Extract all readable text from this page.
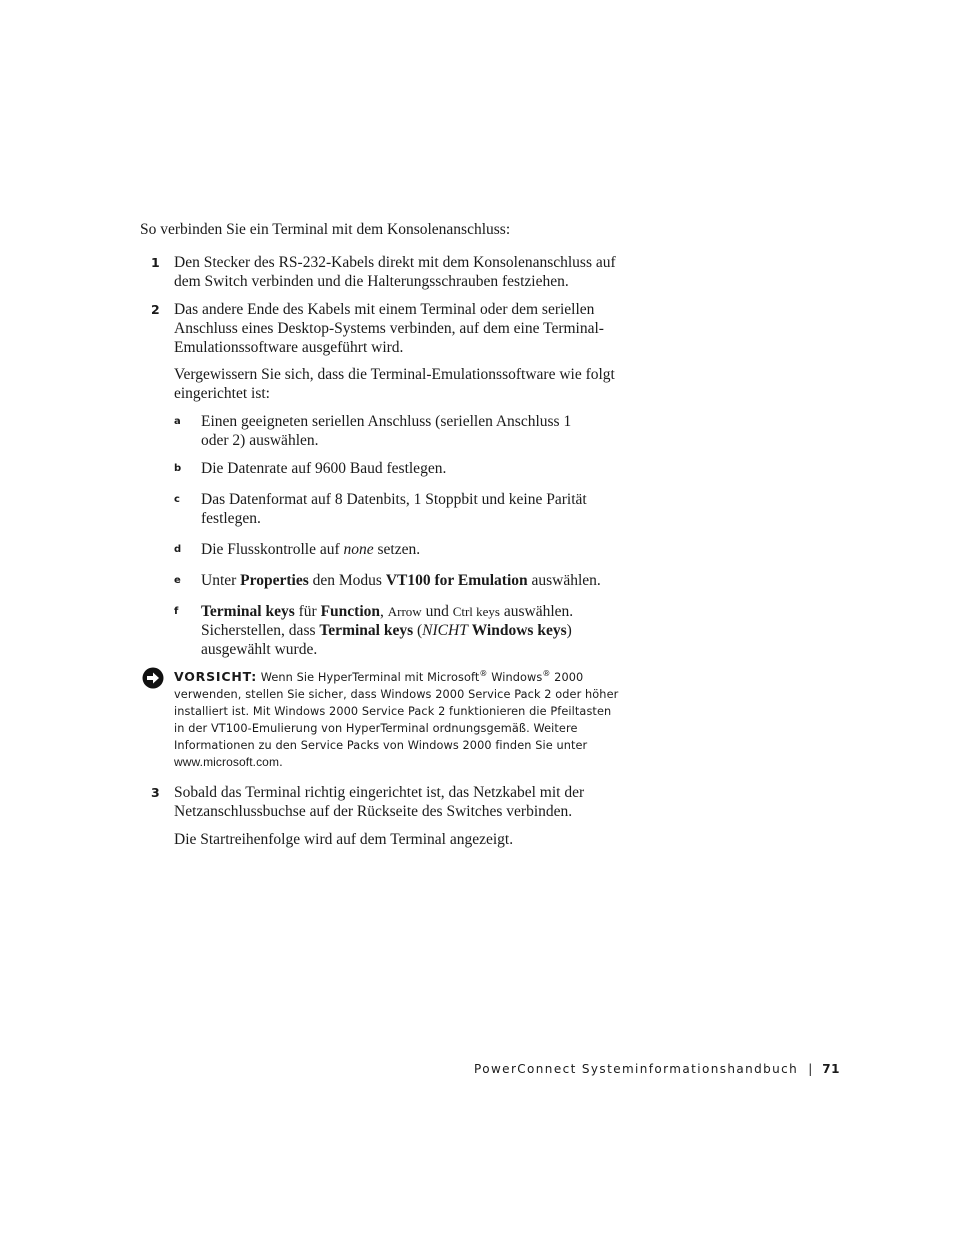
So verbinden Sie ein Terminal mit dem Konsolenanschluss:
1 Den Stecker des RS-232-Kabels direkt mit dem Konsolenanschluss auf
dem Switch verbinden und die Halterungsschrauben festziehen.
2 Das andere Ende des Kabels mit einem Terminal oder dem seriellen
Anschluss eines Desktop-Systems verbinden, auf dem eine Terminal-
Emulationssoftware ausgeführt wird.
Vergewissern Sie sich, dass die Terminal-Emulationssoftware wie folgt
eingerichtet ist:
a Einen geeigneten seriellen Anschluss (seriellen Anschluss 1
oder 2) auswählen.
b Die Datenrate auf 9600 Baud festlegen.
c Das Datenformat auf 8 Datenbits, 1 Stoppbit und keine Parität
festlegen.
d Die Flusskontrolle auf none setzen.
e Unter Properties den Modus VT100 for Emulation auswählen.
f Terminal keys für Function, Arrow und Ctrl keys auswählen.
Sicherstellen, dass Terminal keys (NICHT Windows keys)
ausgewählt wurde.
VORSICHT: Wenn Sie HyperTerminal mit Microsoft® Windows® 2000
verwenden, stellen Sie sicher, dass Windows 2000 Service Pack 2 oder höher
installiert ist. Mit Windows 2000 Service Pack 2 funktionieren die Pfeiltasten
in der VT100-Emulierung von HyperTerminal ordnungsgemäß. Weitere
Informationen zu den Service Packs von Windows 2000 finden Sie unter
www.microsoft.com.
3 Sobald das Terminal richtig eingerichtet ist, das Netzkabel mit der
Netzanschlussbuchse auf der Rückseite des Switches verbinden.
Die Startreihenfolge wird auf dem Terminal angezeigt.
PowerConnect Systeminformationshandbuch | 71
